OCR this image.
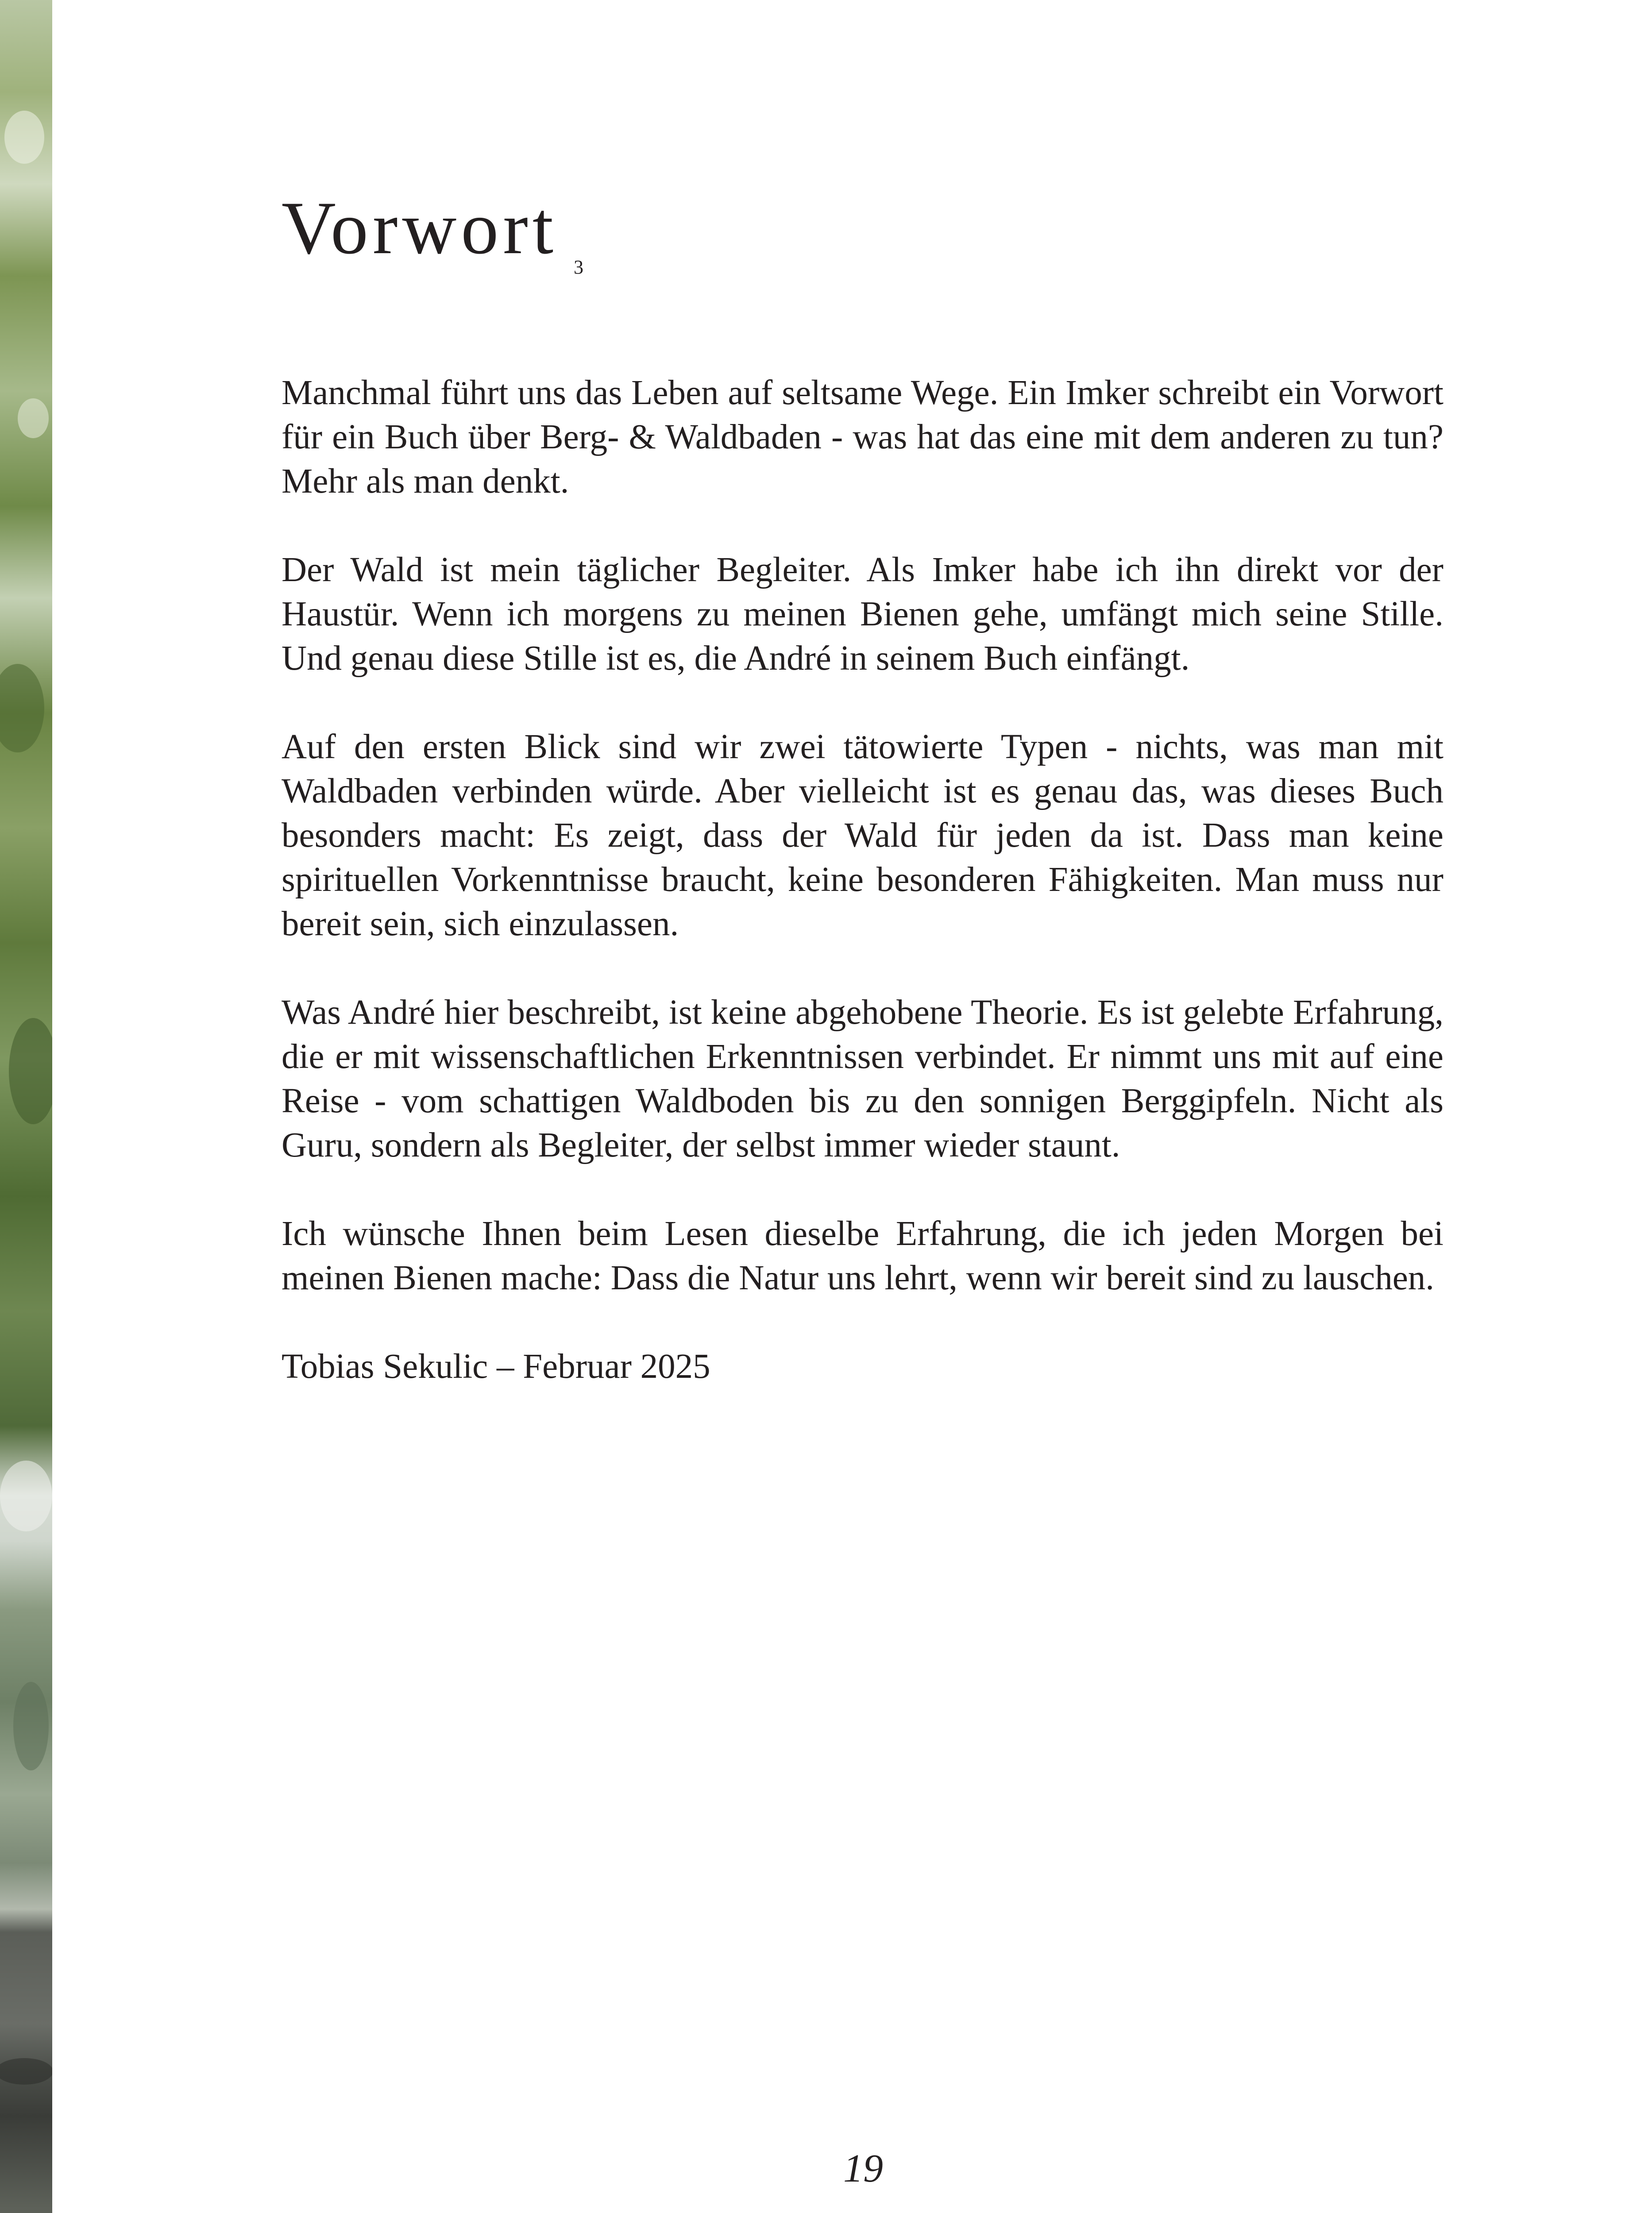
Vorwort 3

Manchmal führt uns das Leben auf seltsame Wege. Ein Imker schreibt ein Vorwort für ein Buch über Berg- & Waldbaden - was hat das eine mit dem anderen zu tun? Mehr als man denkt.

Der Wald ist mein täglicher Begleiter. Als Imker habe ich ihn direkt vor der Haustür. Wenn ich morgens zu meinen Bienen gehe, umfängt mich seine Stille. Und genau diese Stille ist es, die André in seinem Buch einfängt.

Auf den ersten Blick sind wir zwei tätowierte Typen - nichts, was man mit Waldbaden verbinden würde. Aber vielleicht ist es genau das, was dieses Buch besonders macht: Es zeigt, dass der Wald für jeden da ist. Dass man keine spirituellen Vorkenntnisse braucht, keine besonderen Fähigkeiten. Man muss nur bereit sein, sich einzulassen.

Was André hier beschreibt, ist keine abgehobene Theorie. Es ist gelebte Erfahrung, die er mit wissenschaftlichen Erkenntnissen verbindet. Er nimmt uns mit auf eine Reise - vom schattigen Waldboden bis zu den sonnigen Berggipfeln. Nicht als Guru, sondern als Begleiter, der selbst immer wieder staunt.

Ich wünsche Ihnen beim Lesen dieselbe Erfahrung, die ich jeden Morgen bei meinen Bienen mache: Dass die Natur uns lehrt, wenn wir bereit sind zu lauschen.

Tobias Sekulic – Februar 2025

19
